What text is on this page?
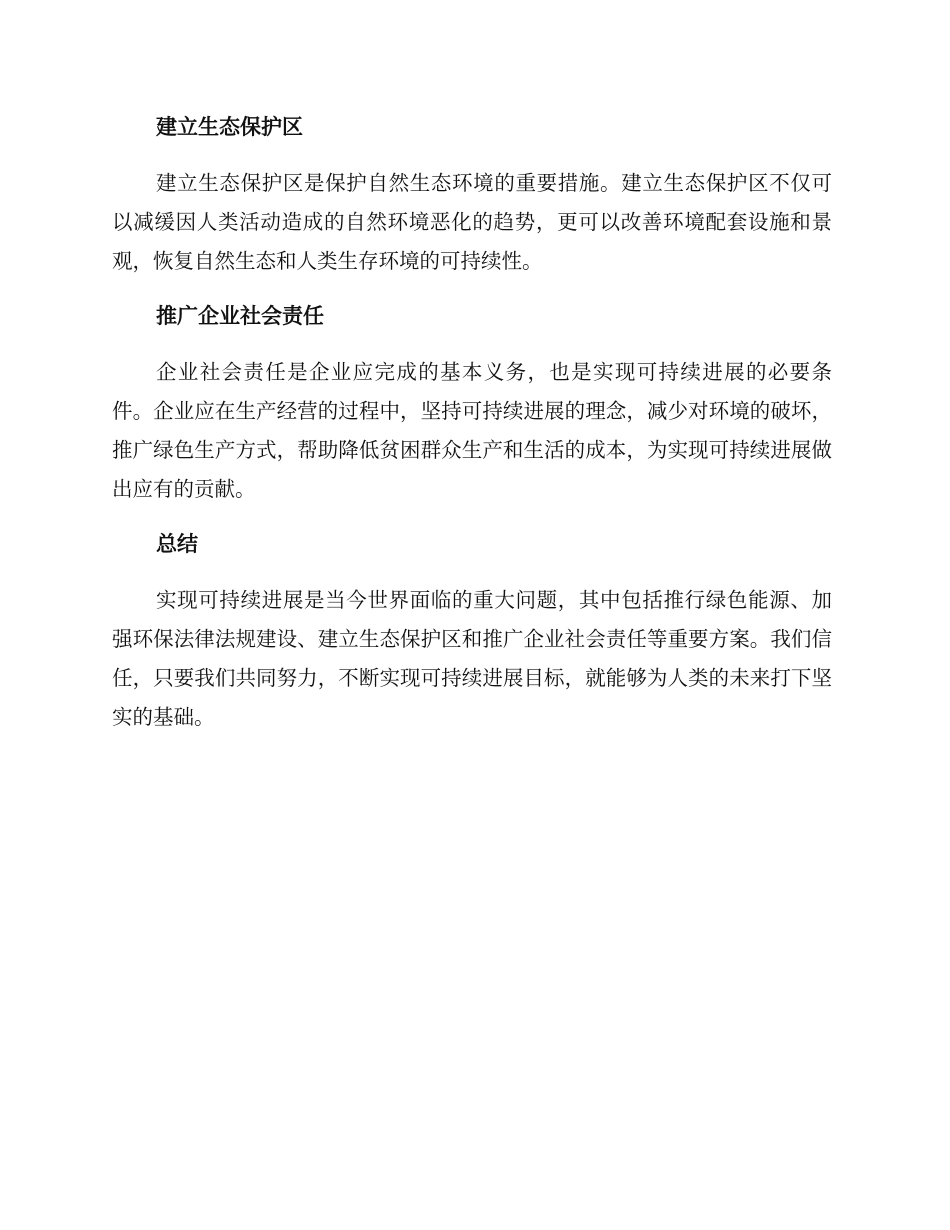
建立生态保护区

建立生态保护区是保护自然生态环境的重要措施。建立生态保护区不仅可以减缓因人类活动造成的自然环境恶化的趋势，更可以改善环境配套设施和景观，恢复自然生态和人类生存环境的可持续性。

推广企业社会责任

企业社会责任是企业应完成的基本义务，也是实现可持续进展的必要条件。企业应在生产经营的过程中，坚持可持续进展的理念，减少对环境的破坏，推广绿色生产方式，帮助降低贫困群众生产和生活的成本，为实现可持续进展做出应有的贡献。

总结

实现可持续进展是当今世界面临的重大问题，其中包括推行绿色能源、加强环保法律法规建设、建立生态保护区和推广企业社会责任等重要方案。我们信任，只要我们共同努力，不断实现可持续进展目标，就能够为人类的未来打下坚实的基础。
